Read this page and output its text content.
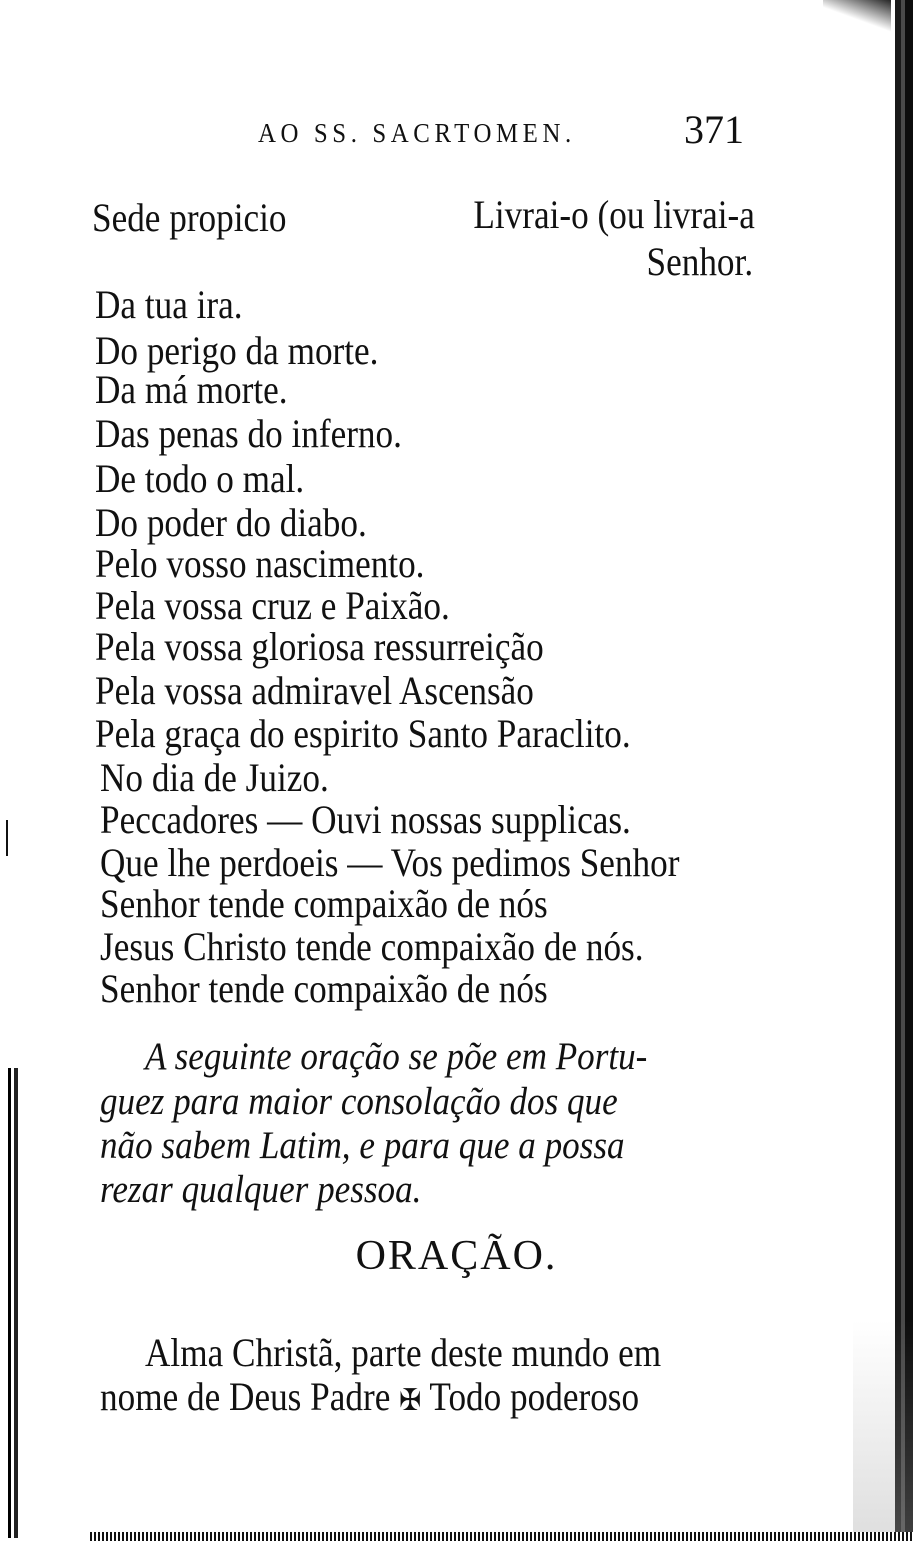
AO SS. SACRTOMEN.	371
Sede propicio	Livrai-o (ou livrai-a
Senhor.
Da tua ira.
Do perigo da morte.
Da má morte.
Das penas do inferno.
De todo o mal.
Do poder do diabo.
Pelo vosso nascimento.
Pela vossa cruz e Paixão.
Pela vossa gloriosa ressurreição
Pela vossa admiravel Ascensão
Pela graça do espirito Santo Paraclito.
No dia de Juizo.
Peccadores — Ouvi nossas supplicas.
Que lhe perdoeis — Vos pedimos Senhor
Senhor tende compaixão de nós
Jesus Christo tende compaixão de nós.
Senhor tende compaixão de nós
A seguinte oração se põe em Portu-
guez para maior consolação dos que
não sabem Latim, e para que a possa
rezar qualquer pessoa.
ORAÇÃO.
Alma Christã, parte deste mundo em
nome de Deus Padre ✠ Todo poderoso
